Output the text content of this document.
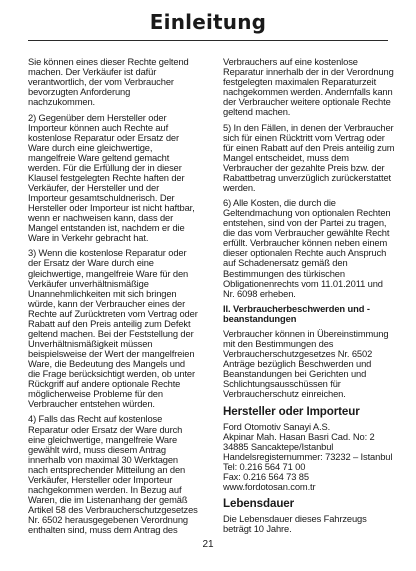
Einleitung

Sie können eines dieser Rechte geltend machen. Der Verkäufer ist dafür verantwortlich, der vom Verbraucher bevorzugten Anforderung nachzukommen.

2) Gegenüber dem Hersteller oder Importeur können auch Rechte auf kostenlose Reparatur oder Ersatz der Ware durch eine gleichwertige, mangelfreie Ware geltend gemacht werden. Für die Erfüllung der in dieser Klausel festgelegten Rechte haften der Verkäufer, der Hersteller und der Importeur gesamtschuldnerisch. Der Hersteller oder Importeur ist nicht haftbar, wenn er nachweisen kann, dass der Mangel entstanden ist, nachdem er die Ware in Verkehr gebracht hat.

3) Wenn die kostenlose Reparatur oder der Ersatz der Ware durch eine gleichwertige, mangelfreie Ware für den Verkäufer unverhältnismäßige Unannehmlichkeiten mit sich bringen würde, kann der Verbraucher eines der Rechte auf Zurücktreten vom Vertrag oder Rabatt auf den Preis anteilig zum Defekt geltend machen. Bei der Feststellung der Unverhältnismäßigkeit müssen beispielsweise der Wert der mangelfreien Ware, die Bedeutung des Mangels und die Frage berücksichtigt werden, ob unter Rückgriff auf andere optionale Rechte möglicherweise Probleme für den Verbraucher entstehen würden.

4) Falls das Recht auf kostenlose Reparatur oder Ersatz der Ware durch eine gleichwertige, mangelfreie Ware gewählt wird, muss diesem Antrag innerhalb von maximal 30 Werktagen nach entsprechender Mitteilung an den Verkäufer, Hersteller oder Importeur nachgekommen werden. In Bezug auf Waren, die im Listenanhang der gemäß Artikel 58 des Verbraucherschutzgesetzes Nr. 6502 herausgegebenen Verordnung enthalten sind, muss dem Antrag des

Verbrauchers auf eine kostenlose Reparatur innerhalb der in der Verordnung festgelegten maximalen Reparaturzeit nachgekommen werden. Andernfalls kann der Verbraucher weitere optionale Rechte geltend machen.

5) In den Fällen, in denen der Verbraucher sich für einen Rücktritt vom Vertrag oder für einen Rabatt auf den Preis anteilig zum Mangel entscheidet, muss dem Verbraucher der gezahlte Preis bzw. der Rabattbetrag unverzüglich zurückerstattet werden.

6) Alle Kosten, die durch die Geltendmachung von optionalen Rechten entstehen, sind von der Partei zu tragen, die das vom Verbraucher gewählte Recht erfüllt. Verbraucher können neben einem dieser optionalen Rechte auch Anspruch auf Schadenersatz gemäß den Bestimmungen des türkischen Obligationenrechts vom 11.01.2011 und Nr. 6098 erheben.

II. Verbraucherbeschwerden und -beanstandungen

Verbraucher können in Übereinstimmung mit den Bestimmungen des Verbraucherschutzgesetzes Nr. 6502 Anträge bezüglich Beschwerden und Beanstandungen bei Gerichten und Schlichtungsausschüssen für Verbraucherschutz einreichen.

Hersteller oder Importeur
Ford Otomotiv Sanayi A.S.
Akpinar Mah. Hasan Basri Cad. No: 2
34885 Sancaktepe/Istanbul
Handelsregisternummer: 73232 – Istanbul
Tel: 0.216 564 71 00
Fax: 0.216 564 73 85
www.fordotosan.com.tr
Lebensdauer

Die Lebensdauer dieses Fahrzeugs beträgt 10 Jahre.

21
